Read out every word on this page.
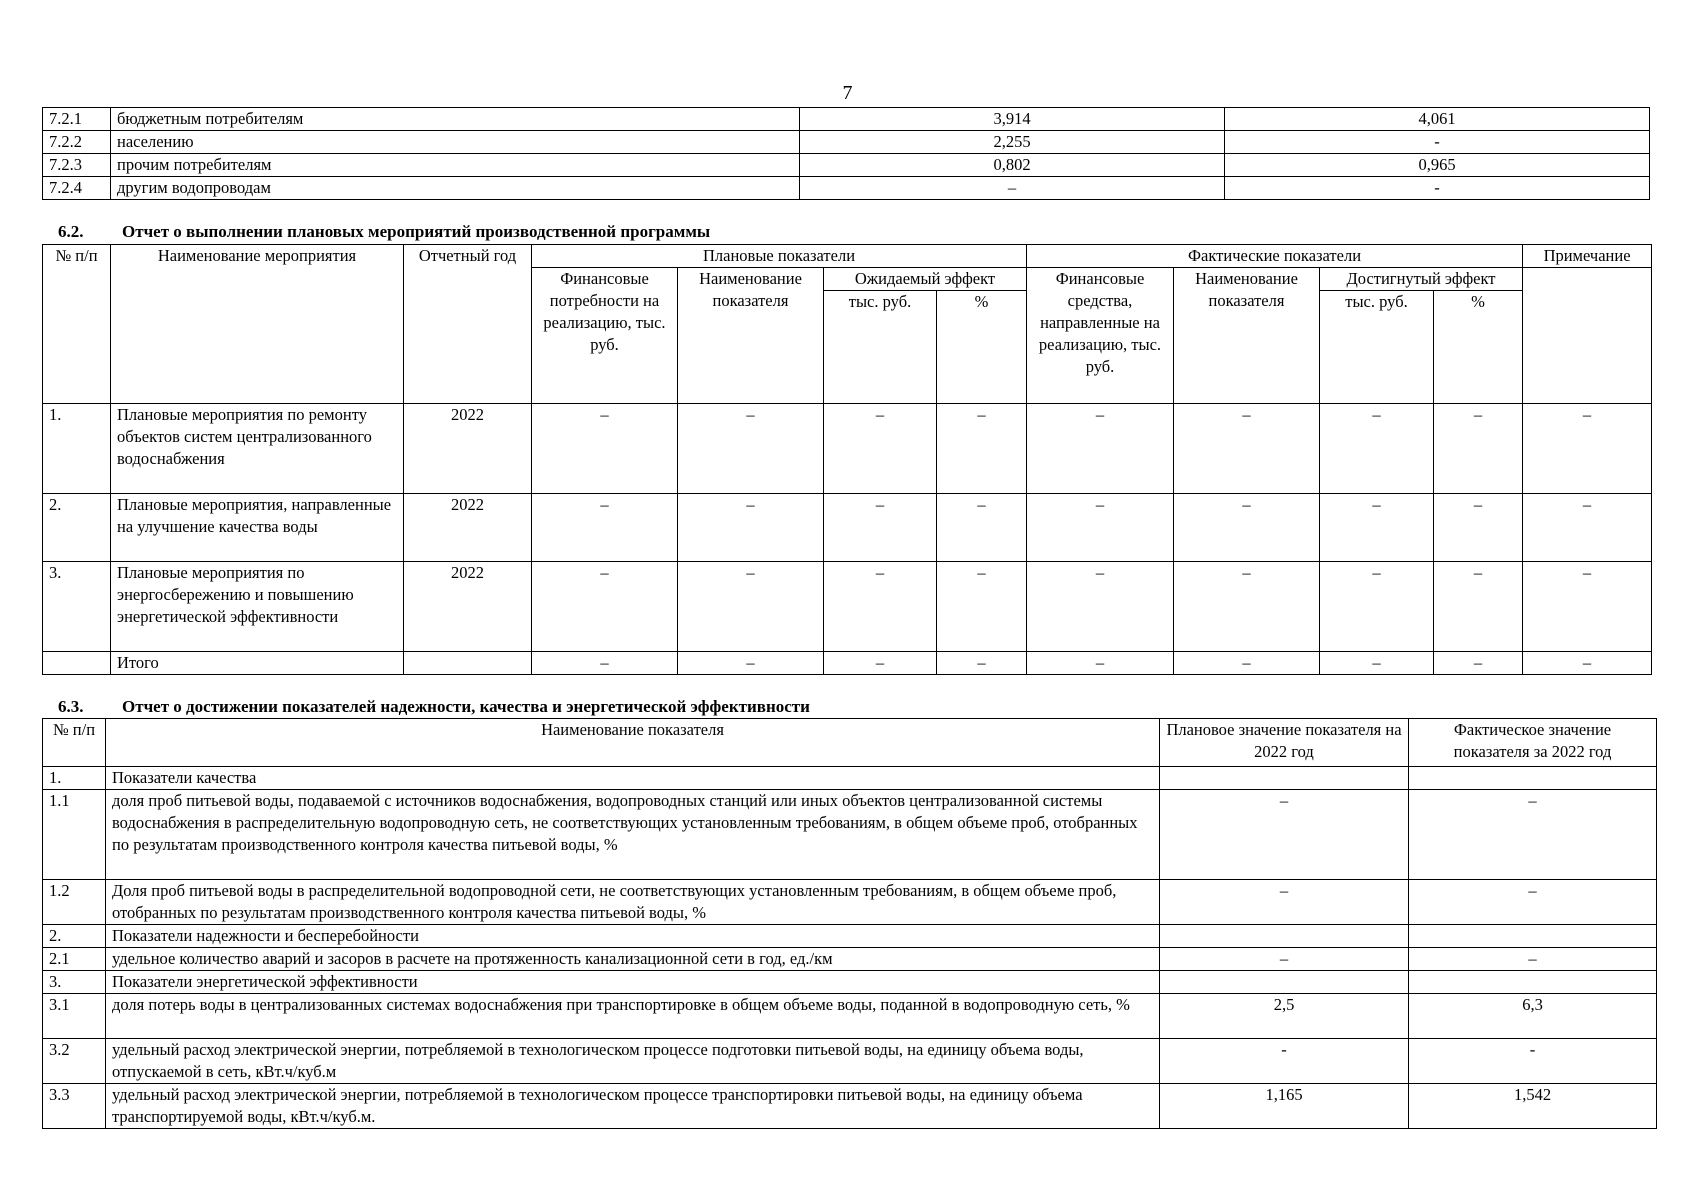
7
7.2.1	бюджетным потребителям	3,914	4,061
7.2.2	населению	2,255	-
7.2.3	прочим потребителям	0,802	0,965
7.2.4	другим водопроводам	–	-
6.2. Отчет о выполнении плановых мероприятий производственной программы
№ п/п	Наименование мероприятия	Отчетный год	Плановые показатели				Фактические показатели				Примечание
			Финансовые потребности на реализацию, тыс. руб.	Наименование показателя	Ожидаемый эффект		Финансовые средства, направленные на реализацию, тыс. руб.	Наименование показателя	Достигнутый эффект		
					тыс. руб.	%			тыс. руб.	%	
1.	Плановые мероприятия по ремонту объектов систем централизованного водоснабжения	2022	–	–	–	–	–	–	–	–	–
2.	Плановые мероприятия, направленные на улучшение качества воды	2022	–	–	–	–	–	–	–	–	–
3.	Плановые мероприятия по энергосбережению и повышению энергетической эффективности	2022	–	–	–	–	–	–	–	–	–
	Итого		–	–	–	–	–	–	–	–	–
6.3. Отчет о достижении показателей надежности, качества и энергетической эффективности
№ п/п	Наименование показателя	Плановое значение показателя на 2022 год	Фактическое значение показателя за 2022 год
1.	Показатели качества		
1.1	доля проб питьевой воды, подаваемой с источников водоснабжения, водопроводных станций или иных объектов централизованной системы водоснабжения в распределительную водопроводную сеть, не соответствующих установленным требованиям, в общем объеме проб, отобранных по результатам производственного контроля качества питьевой воды, %	–	–
1.2	Доля проб питьевой воды в распределительной водопроводной сети, не соответствующих установленным требованиям, в общем объеме проб, отобранных по результатам производственного контроля качества питьевой воды, %	–	–
2.	Показатели надежности и бесперебойности		
2.1	удельное количество аварий и засоров в расчете на протяженность канализационной сети в год, ед./км	–	–
3.	Показатели энергетической эффективности		
3.1	доля потерь воды в централизованных системах водоснабжения при транспортировке в общем объеме воды, поданной в водопроводную сеть, %	2,5	6,3
3.2	удельный расход электрической энергии, потребляемой в технологическом процессе подготовки питьевой воды, на единицу объема воды, отпускаемой в сеть, кВт.ч/куб.м	-	-
3.3	удельный расход электрической энергии, потребляемой в технологическом процессе транспортировки питьевой воды, на единицу объема транспортируемой воды, кВт.ч/куб.м.	1,165	1,542
